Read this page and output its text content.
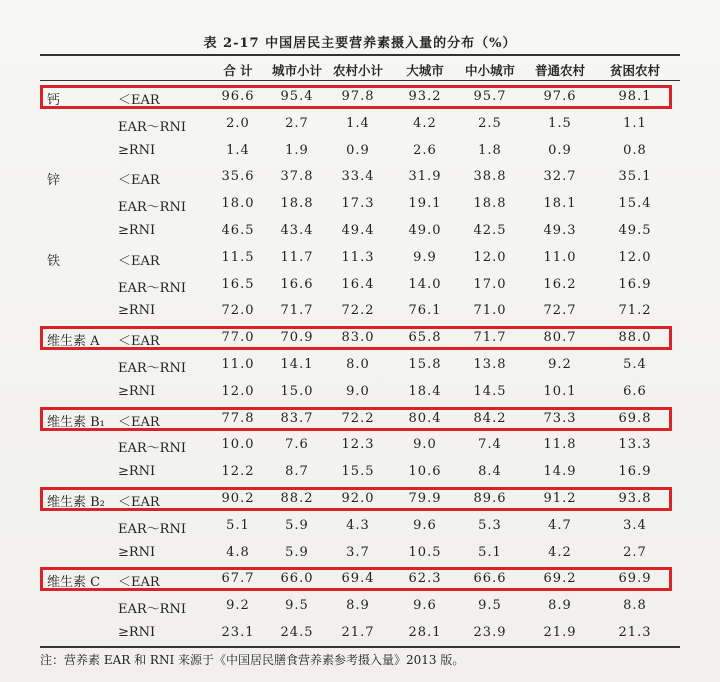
表 2-17 中国居民主要营养素摄入量的分布（%）
合 计 城市小计 农村小计 大城市 中小城市 普通农村 贫困农村
钙	＜EAR	96.6 95.4 97.8	93.2 95.7	97.6	98.1
EAR～RNI	2.0	2.7	1.4	4.2	2.5	1.5	1.1
≥RNI	1.4	1.9	0.9	2.6	1.8	0.9	0.8
锌	＜EAR	35.6 37.8 33.4	31.9 38.8	32.7	35.1
EAR～RNI	18.0 18.8 17.3	19.1 18.8	18.1	15.4
≥RNI	46.5 43.4 49.4	49.0 42.5	49.3	49.5
铁	＜EAR	11.5 11.7 11.3	9.9	12.0	11.0	12.0
EAR～RNI	16.5 16.6 16.4	14.0 17.0	16.2	16.9
≥RNI	72.0 71.7 72.2	76.1 71.0	72.7	71.2
维生素 A ＜EAR	77.0 70.9 83.0	65.8 71.7	80.7	88.0
EAR～RNI	11.0 14.1	8.0	15.8 13.8	9.2	5.4
≥RNI	12.0 15.0	9.0	18.4 14.5	10.1	6.6
维生素 B₁ ＜EAR	77.8 83.7 72.2	80.4 84.2	73.3	69.8
EAR～RNI	10.0 7.6	12.3	9.0	7.4	11.8	13.3
≥RNI	12.2 8.7	15.5	10.6	8.4	14.9	16.9
维生素 B₂ ＜EAR	90.2 88.2 92.0	79.9 89.6	91.2	93.8
EAR～RNI	5.1	5.9	4.3	9.6	5.3	4.7	3.4
≥RNI	4.8	5.9	3.7	10.5	5.1	4.2	2.7
维生素 C ＜EAR	67.7 66.0 69.4	62.3 66.6	69.2	69.9
EAR～RNI	9.2	9.5	8.9	9.6	9.5	8.9	8.8
≥RNI	23.1 24.5 21.7	28.1 23.9	21.9	21.3
注：营养素 EAR 和 RNI 来源于《中国居民膳食营养素参考摄入量》2013 版。
